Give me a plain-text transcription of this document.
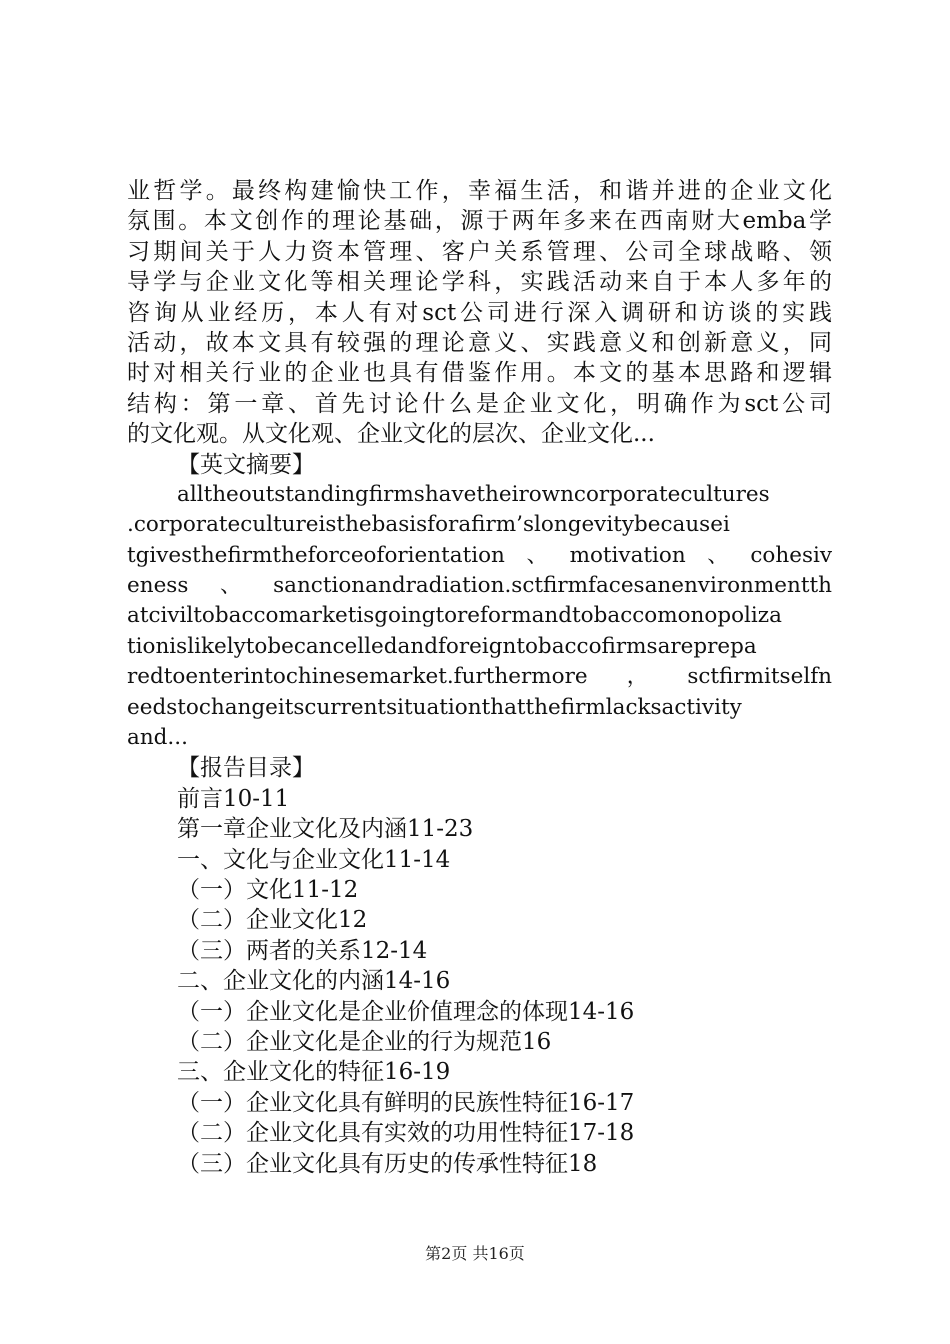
业哲学。最终构建愉快工作，幸福生活，和谐并进的企业文化
氛围。本文创作的理论基础，源于两年多来在西南财大emba学
习期间关于人力资本管理、客户关系管理、公司全球战略、领
导学与企业文化等相关理论学科，实践活动来自于本人多年的
咨询从业经历，本人有对sct公司进行深入调研和访谈的实践
活动，故本文具有较强的理论意义、实践意义和创新意义，同
时对相关行业的企业也具有借鉴作用。本文的基本思路和逻辑
结构：第一章、首先讨论什么是企业文化，明确作为sct公司
的文化观。从文化观、企业文化的层次、企业文化...
【英文摘要】
alltheoutstandingfirmshavetheirowncorporatecultures
.corporatecultureisthebasisforafirm’slongevitybecausei
tgivesthefirmtheforceoforientation、motivation、cohesiv
eness、sanctionandradiation.sctfirmfacesanenvironmentth
atciviltobaccomarketisgoingtoreformandtobaccomonopoliza
tionislikelytobecancelledandforeigntobaccofirmsareprepa
redtoenterintochinesemarket.furthermore，sctfirmitselfn
eedstochangeitscurrentsituationthatthefirmlacksactivity
and...
【报告目录】
前言10-11
第一章企业文化及内涵11-23
一、文化与企业文化11-14
（一）文化11-12
（二）企业文化12
（三）两者的关系12-14
二、企业文化的内涵14-16
（一）企业文化是企业价值理念的体现14-16
（二）企业文化是企业的行为规范16
三、企业文化的特征16-19
（一）企业文化具有鲜明的民族性特征16-17
（二）企业文化具有实效的功用性特征17-18
（三）企业文化具有历史的传承性特征18
第2页 共16页
